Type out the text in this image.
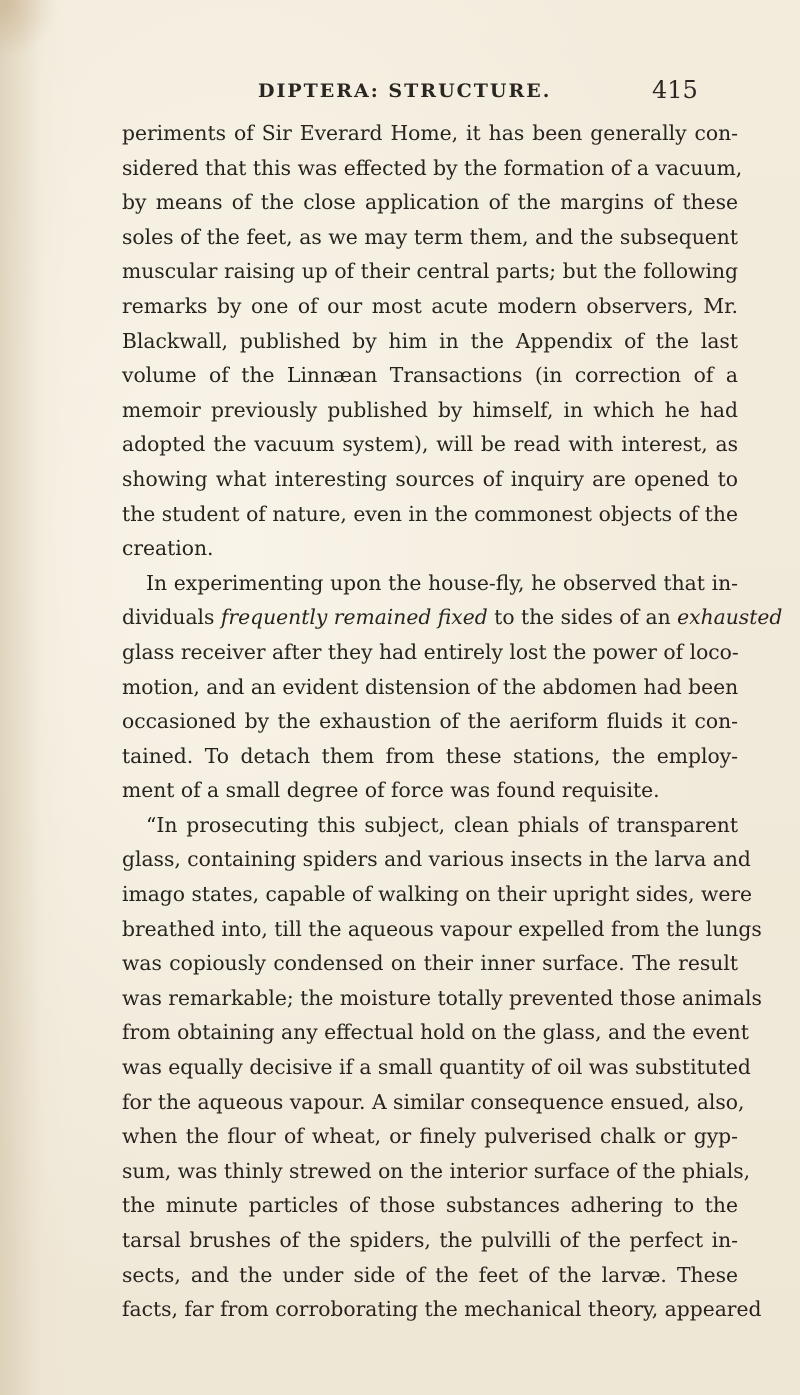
DIPTERA: STRUCTURE.	415
periments of Sir Everard Home, it has been generally con-
sidered that this was effected by the formation of a vacuum,
by means of the close application of the margins of these
soles of the feet, as we may term them, and the subsequent
muscular raising up of their central parts; but the following
remarks by one of our most acute modern observers, Mr.
Blackwall, published by him in the Appendix of the last
volume of the Linnæan Transactions (in correction of a
memoir previously published by himself, in which he had
adopted the vacuum system), will be read with interest, as
showing what interesting sources of inquiry are opened to
the student of nature, even in the commonest objects of the
creation.
In experimenting upon the house-fly, he observed that in-
dividuals frequently remained fixed to the sides of an exhausted
glass receiver after they had entirely lost the power of loco-
motion, and an evident distension of the abdomen had been
occasioned by the exhaustion of the aeriform fluids it con-
tained. To detach them from these stations, the employ-
ment of a small degree of force was found requisite.
“In prosecuting this subject, clean phials of transparent
glass, containing spiders and various insects in the larva and
imago states, capable of walking on their upright sides, were
breathed into, till the aqueous vapour expelled from the lungs
was copiously condensed on their inner surface. The result
was remarkable; the moisture totally prevented those animals
from obtaining any effectual hold on the glass, and the event
was equally decisive if a small quantity of oil was substituted
for the aqueous vapour. A similar consequence ensued, also,
when the flour of wheat, or finely pulverised chalk or gyp-
sum, was thinly strewed on the interior surface of the phials,
the minute particles of those substances adhering to the
tarsal brushes of the spiders, the pulvilli of the perfect in-
sects, and the under side of the feet of the larvæ. These
facts, far from corroborating the mechanical theory, appeared
